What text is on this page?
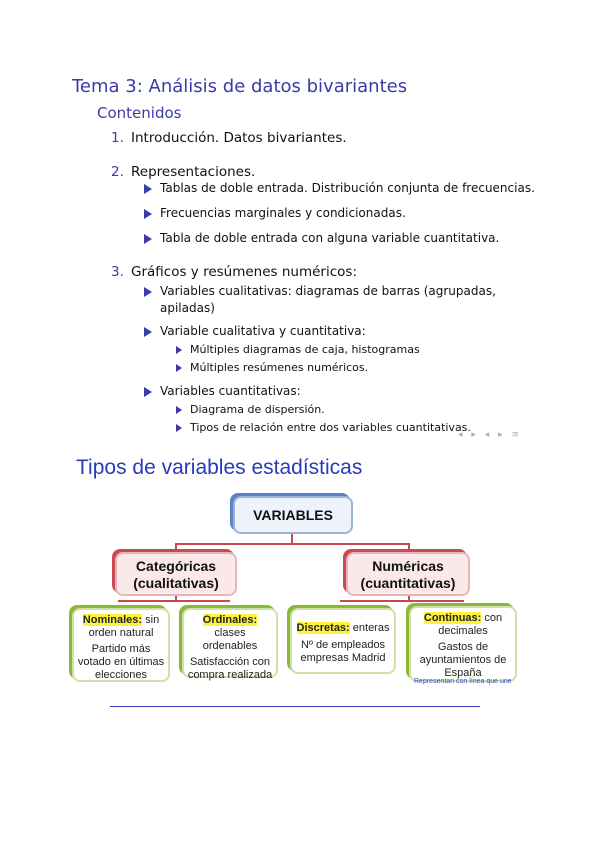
Tema 3: Análisis de datos bivariantes
Contenidos
1. Introducción. Datos bivariantes.
2. Representaciones.
Tablas de doble entrada. Distribución conjunta de frecuencias.
Frecuencias marginales y condicionadas.
Tabla de doble entrada con alguna variable cuantitativa.
3. Gráficos y resúmenes numéricos:
Variables cualitativas: diagramas de barras (agrupadas,
apiladas)
Variable cualitativa y cuantitativa:
Múltiples diagramas de caja, histogramas
Múltiples resúmenes numéricos.
Variables cuantitativas:
Diagrama de dispersión.
Tipos de relación entre dos variables cuantitativas.
◂ ▸ ◂ ▸ ≡
Tipos de variables estadísticas
VARIABLES
Categóricas
(cualitativas)
Numéricas
(cuantitativas)
Nominales: sin
orden natural
Partido más votado en últimas elecciones
Ordinales: clases
ordenables
Satisfacción con compra realizada
Discretas: enteras
Nº de empleados empresas Madrid
Continuas: con
decimales
Gastos de ayuntamientos de España
Representan con línea que une
